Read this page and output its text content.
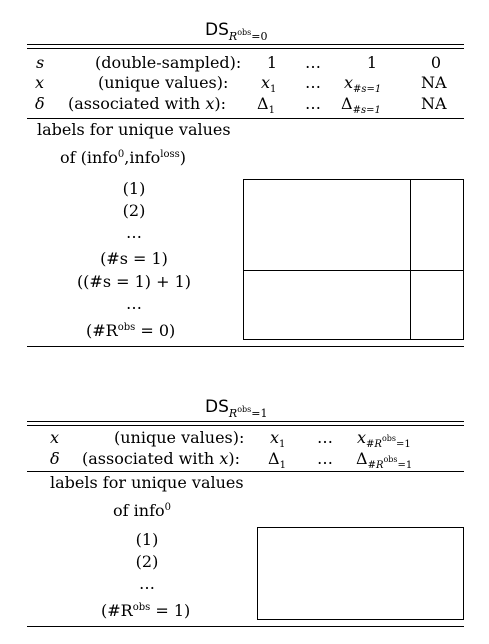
$DS_{R^{obs}=0}$
s	(double-sampled):	1	…	1	0
x	(unique values): $x_1$	…	$x_{\#s=1}$ NA
δ (associated with x): $\Delta_1$	…	$\Delta_{\#s=1}$	NA
labels for unique values
of (info$^0$,info$^{loss}$)
(1)
(2)
…
(#s = 1)
((#s = 1) + 1)
…
$(\#R^{obs} = 0)$
$DS_{R^{obs}=1}$
x	(unique values): $x_1$	…	$x_{\#R^{obs}=1}$
δ (associated with x): $\Delta_1$	…	$\Delta_{\#R^{obs}=1}$
labels for unique values
of info$^0$
(1)
(2)
…
$(\#R^{obs} = 1)$
